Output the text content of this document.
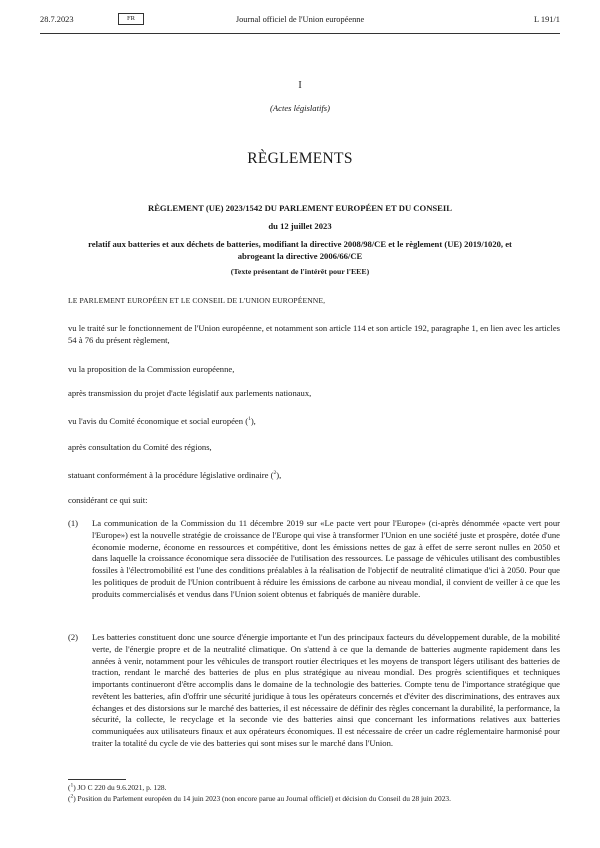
28.7.2023	FR	Journal officiel de l'Union européenne	L 191/1
I
(Actes législatifs)
RÈGLEMENTS
RÈGLEMENT (UE) 2023/1542 DU PARLEMENT EUROPÉEN ET DU CONSEIL
du 12 juillet 2023
relatif aux batteries et aux déchets de batteries, modifiant la directive 2008/98/CE et le règlement (UE) 2019/1020, et abrogeant la directive 2006/66/CE
(Texte présentant de l'intérêt pour l'EEE)
LE PARLEMENT EUROPÉEN ET LE CONSEIL DE L'UNION EUROPÉENNE,
vu le traité sur le fonctionnement de l'Union européenne, et notamment son article 114 et son article 192, paragraphe 1, en lien avec les articles 54 à 76 du présent règlement,
vu la proposition de la Commission européenne,
après transmission du projet d'acte législatif aux parlements nationaux,
vu l'avis du Comité économique et social européen ($^1$),
après consultation du Comité des régions,
statuant conformément à la procédure législative ordinaire ($^2$),
considérant ce qui suit:
(1) La communication de la Commission du 11 décembre 2019 sur «Le pacte vert pour l'Europe» (ci-après dénommée «pacte vert pour l'Europe») est la nouvelle stratégie de croissance de l'Europe qui vise à transformer l'Union en une société juste et prospère, dotée d'une économie moderne, économe en ressources et compétitive, dont les émissions nettes de gaz à effet de serre seront nulles en 2050 et dans laquelle la croissance économique sera dissociée de l'utilisation des ressources. Le passage de véhicules utilisant des combustibles fossiles à l'électromobilité est l'une des conditions préalables à la réalisation de l'objectif de neutralité climatique d'ici à 2050. Pour que les politiques de produit de l'Union contribuent à réduire les émissions de carbone au niveau mondial, il convient de veiller à ce que les produits commercialisés et vendus dans l'Union soient obtenus et fabriqués de manière durable.
(2) Les batteries constituent donc une source d'énergie importante et l'un des principaux facteurs du développement durable, de la mobilité verte, de l'énergie propre et de la neutralité climatique. On s'attend à ce que la demande de batteries augmente rapidement dans les années à venir, notamment pour les véhicules de transport routier électriques et les moyens de transport légers utilisant des batteries de traction, rendant le marché des batteries de plus en plus stratégique au niveau mondial. Des progrès scientifiques et techniques importants continueront d'être accomplis dans le domaine de la technologie des batteries. Compte tenu de l'importance stratégique que revêtent les batteries, afin d'offrir une sécurité juridique à tous les opérateurs concernés et d'éviter des discriminations, des entraves aux échanges et des distorsions sur le marché des batteries, il est nécessaire de définir des règles concernant la durabilité, la performance, la sécurité, la collecte, le recyclage et la seconde vie des batteries ainsi que concernant les informations relatives aux batteries communiquées aux utilisateurs finaux et aux opérateurs économiques. Il est nécessaire de créer un cadre réglementaire harmonisé pour traiter la totalité du cycle de vie des batteries qui sont mises sur le marché dans l'Union.
($^1$) JO C 220 du 9.6.2021, p. 128.
($^2$) Position du Parlement européen du 14 juin 2023 (non encore parue au Journal officiel) et décision du Conseil du 28 juin 2023.
